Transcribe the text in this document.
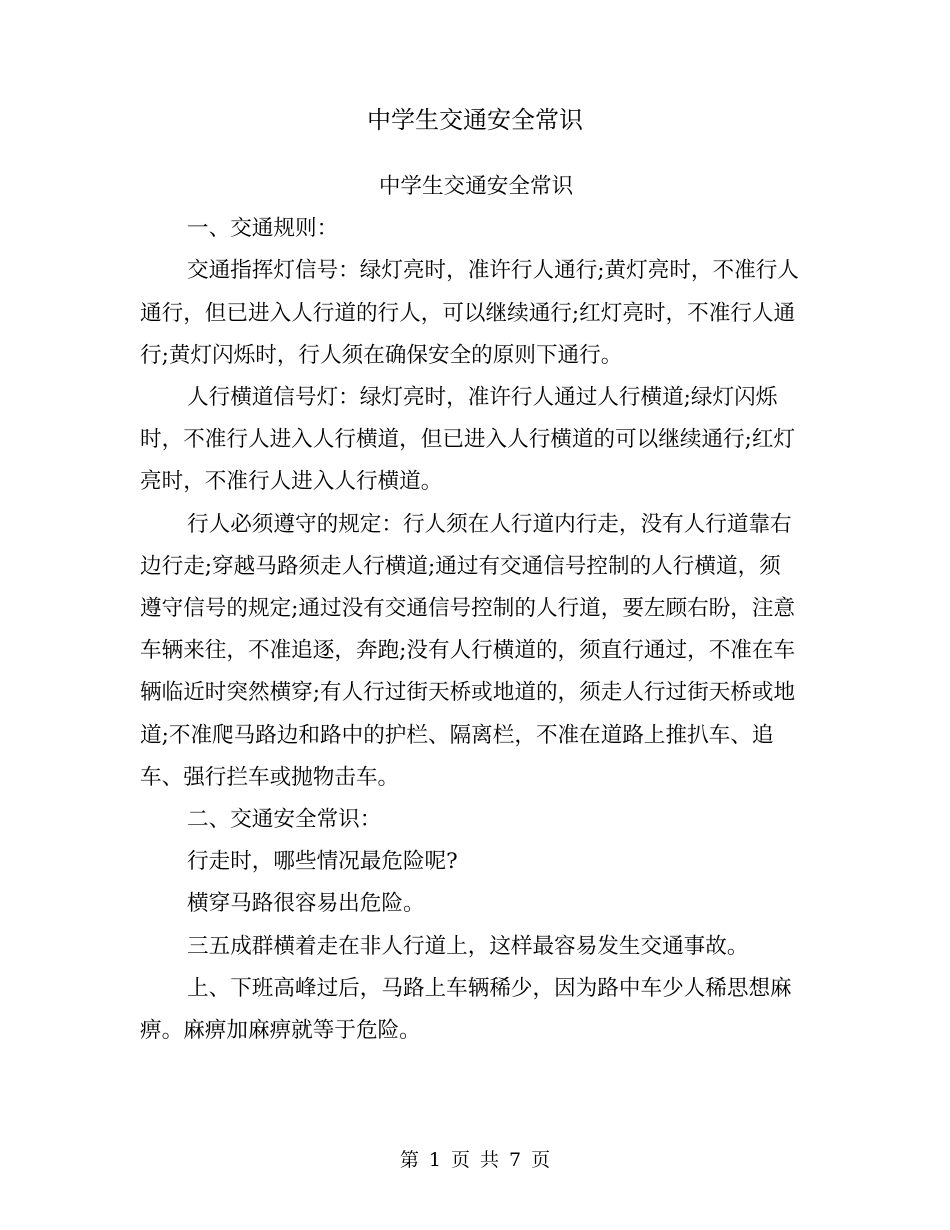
中学生交通安全常识
中学生交通安全常识
一、交通规则：
交通指挥灯信号：绿灯亮时，准许行人通行;黄灯亮时，不准行人
通行，但已进入人行道的行人，可以继续通行;红灯亮时，不准行人通
行;黄灯闪烁时，行人须在确保安全的原则下通行。
人行横道信号灯：绿灯亮时，准许行人通过人行横道;绿灯闪烁
时，不准行人进入人行横道，但已进入人行横道的可以继续通行;红灯
亮时，不准行人进入人行横道。
行人必须遵守的规定：行人须在人行道内行走，没有人行道靠右
边行走;穿越马路须走人行横道;通过有交通信号控制的人行横道，须
遵守信号的规定;通过没有交通信号控制的人行道，要左顾右盼，注意
车辆来往，不准追逐，奔跑;没有人行横道的，须直行通过，不准在车
辆临近时突然横穿;有人行过街天桥或地道的，须走人行过街天桥或地
道;不准爬马路边和路中的护栏、隔离栏，不准在道路上推扒车、追
车、强行拦车或抛物击车。
二、交通安全常识：
行走时，哪些情况最危险呢?
横穿马路很容易出危险。
三五成群横着走在非人行道上，这样最容易发生交通事故。
上、下班高峰过后，马路上车辆稀少，因为路中车少人稀思想麻
痹。麻痹加麻痹就等于危险。
第 1 页 共 7 页
